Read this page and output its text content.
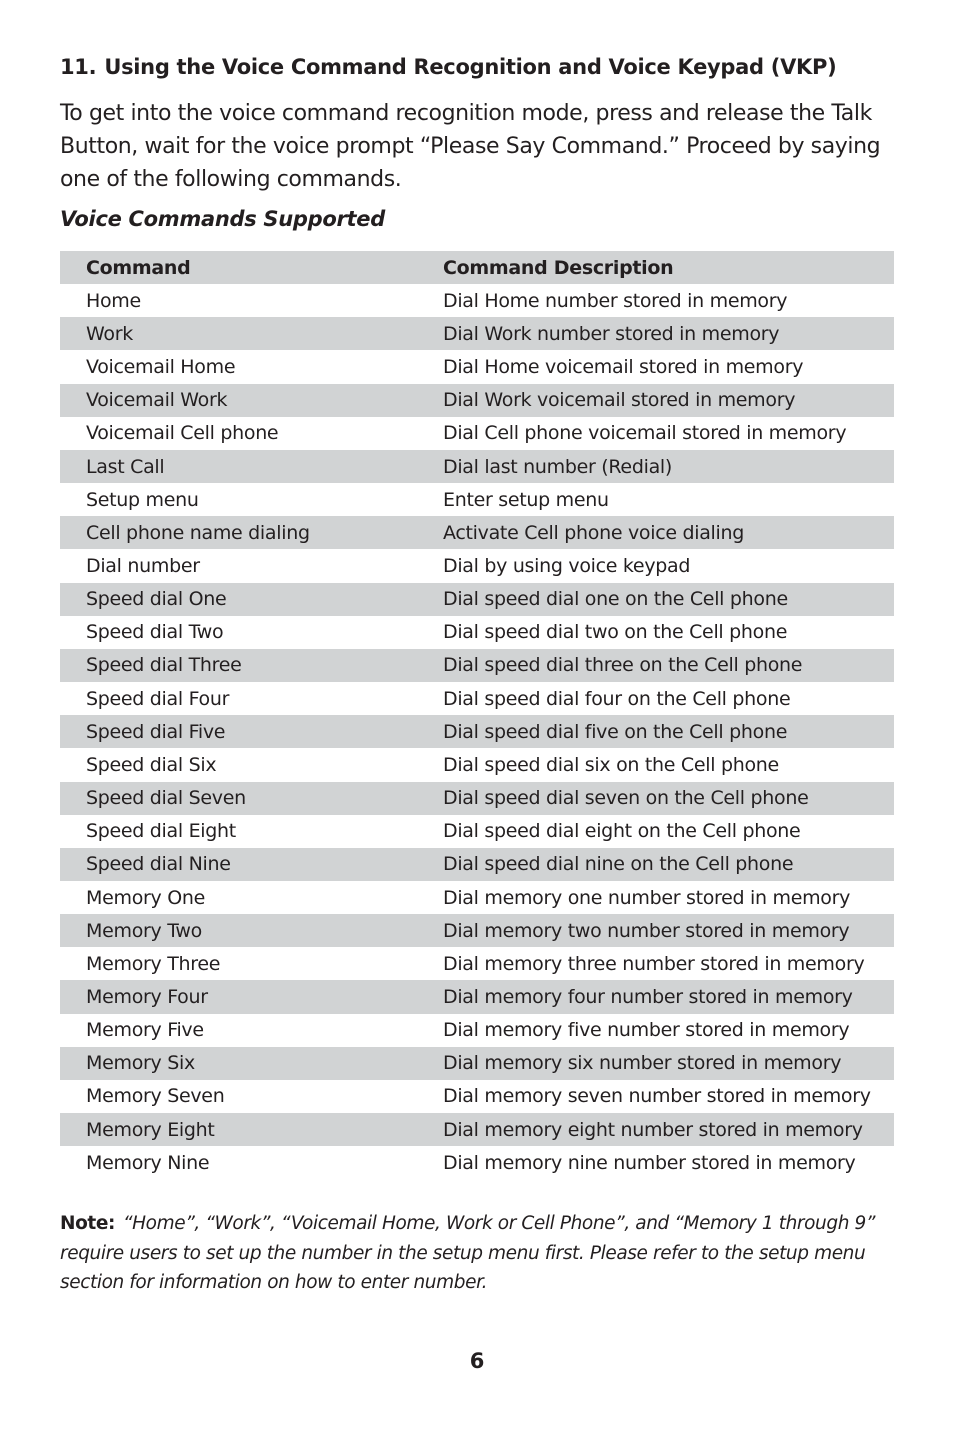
11. Using the Voice Command Recognition and Voice Keypad (VKP)
To get into the voice command recognition mode, press and release the Talk Button, wait for the voice prompt “Please Say Command.” Proceed by saying one of the following commands.
Voice Commands Supported
Command	Command Description
Home	Dial Home number stored in memory
Work	Dial Work number stored in memory
Voicemail Home	Dial Home voicemail stored in memory
Voicemail Work	Dial Work voicemail stored in memory
Voicemail Cell phone	Dial Cell phone voicemail stored in memory
Last Call	Dial last number (Redial)
Setup menu	Enter setup menu
Cell phone name dialing	Activate Cell phone voice dialing
Dial number	Dial by using voice keypad
Speed dial One	Dial speed dial one on the Cell phone
Speed dial Two	Dial speed dial two on the Cell phone
Speed dial Three	Dial speed dial three on the Cell phone
Speed dial Four	Dial speed dial four on the Cell phone
Speed dial Five	Dial speed dial five on the Cell phone
Speed dial Six	Dial speed dial six on the Cell phone
Speed dial Seven	Dial speed dial seven on the Cell phone
Speed dial Eight	Dial speed dial eight on the Cell phone
Speed dial Nine	Dial speed dial nine on the Cell phone
Memory One	Dial memory one number stored in memory
Memory Two	Dial memory two number stored in memory
Memory Three	Dial memory three number stored in memory
Memory Four	Dial memory four number stored in memory
Memory Five	Dial memory five number stored in memory
Memory Six	Dial memory six number stored in memory
Memory Seven	Dial memory seven number stored in memory
Memory Eight	Dial memory eight number stored in memory
Memory Nine	Dial memory nine number stored in memory
Note: “Home”, “Work”, “Voicemail Home, Work or Cell Phone”, and “Memory 1 through 9” require users to set up the number in the setup menu first. Please refer to the setup menu section for information on how to enter number.
6
